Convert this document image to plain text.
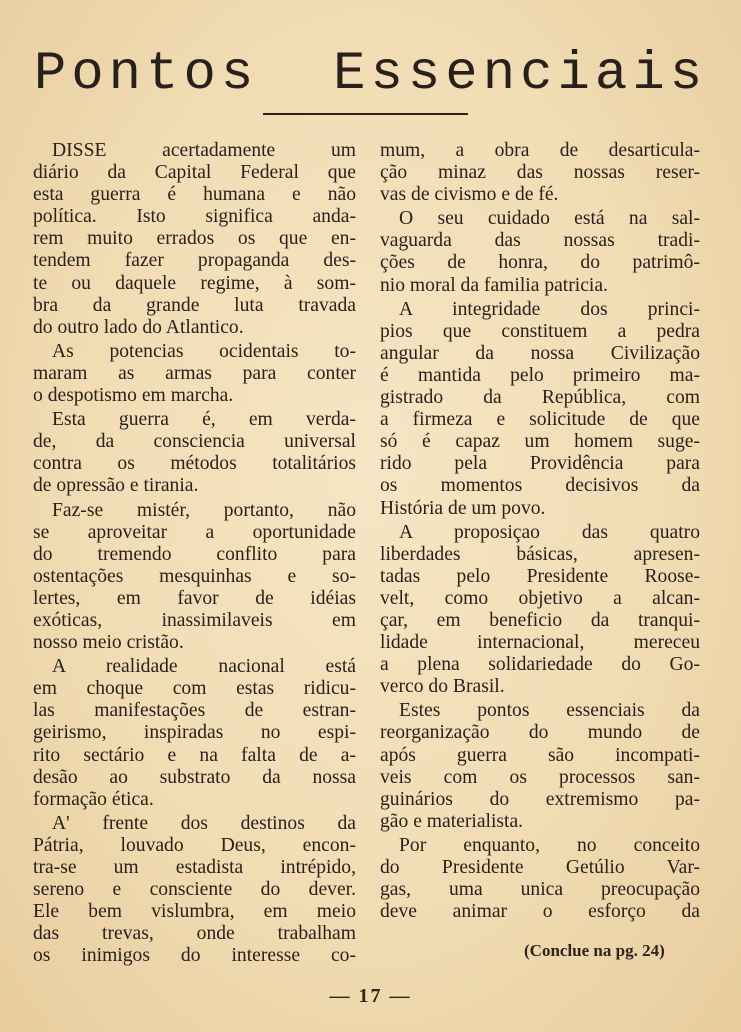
Pontos  Essenciais
DISSE acertadamente um
diário da Capital Federal que
esta guerra é humana e não
política. Isto significa anda-
rem muito errados os que en-
tendem fazer propaganda des-
te ou daquele regime, à som-
bra da grande luta travada
do outro lado do Atlantico.
As potencias ocidentais to-
maram as armas para conter
o despotismo em marcha.
Esta guerra é, em verda-
de, da consciencia universal
contra os métodos totalitários
de opressão e tirania.
Faz-se mistér, portanto, não
se aproveitar a oportunidade
do tremendo conflito para
ostentações mesquinhas e so-
lertes, em favor de idéias
exóticas, inassimilaveis em
nosso meio cristão.
A realidade nacional está
em choque com estas ridicu-
las manifestações de estran-
geirismo, inspiradas no espi-
rito sectário e na falta de a-
desão ao substrato da nossa
formação ética.
A' frente dos destinos da
Pátria, louvado Deus, encon-
tra-se um estadista intrépido,
sereno e consciente do dever.
Ele bem vislumbra, em meio
das trevas, onde trabalham
os inimigos do interesse co-
mum, a obra de desarticula-
ção minaz das nossas reser-
vas de civismo e de fé.
O seu cuidado está na sal-
vaguarda das nossas tradi-
ções de honra, do patrimô-
nio moral da familia patricia.
A integridade dos princi-
pios que constituem a pedra
angular da nossa Civilização
é mantida pelo primeiro ma-
gistrado da República, com
a firmeza e solicitude de que
só é capaz um homem suge-
rido pela Providência para
os momentos decisivos da
História de um povo.
A proposiçao das quatro
liberdades básicas, apresen-
tadas pelo Presidente Roose-
velt, como objetivo a alcan-
çar, em beneficio da tranqui-
lidade internacional, mereceu
a plena solidariedade do Go-
verco do Brasil.
Estes pontos essenciais da
reorganização do mundo de
após guerra são incompati-
veis com os processos san-
guinários do extremismo pa-
gão e materialista.
Por enquanto, no conceito
do Presidente Getúlio Var-
gas, uma unica preocupação
deve animar o esforço da
(Conclue na pg. 24)
— 17 —
